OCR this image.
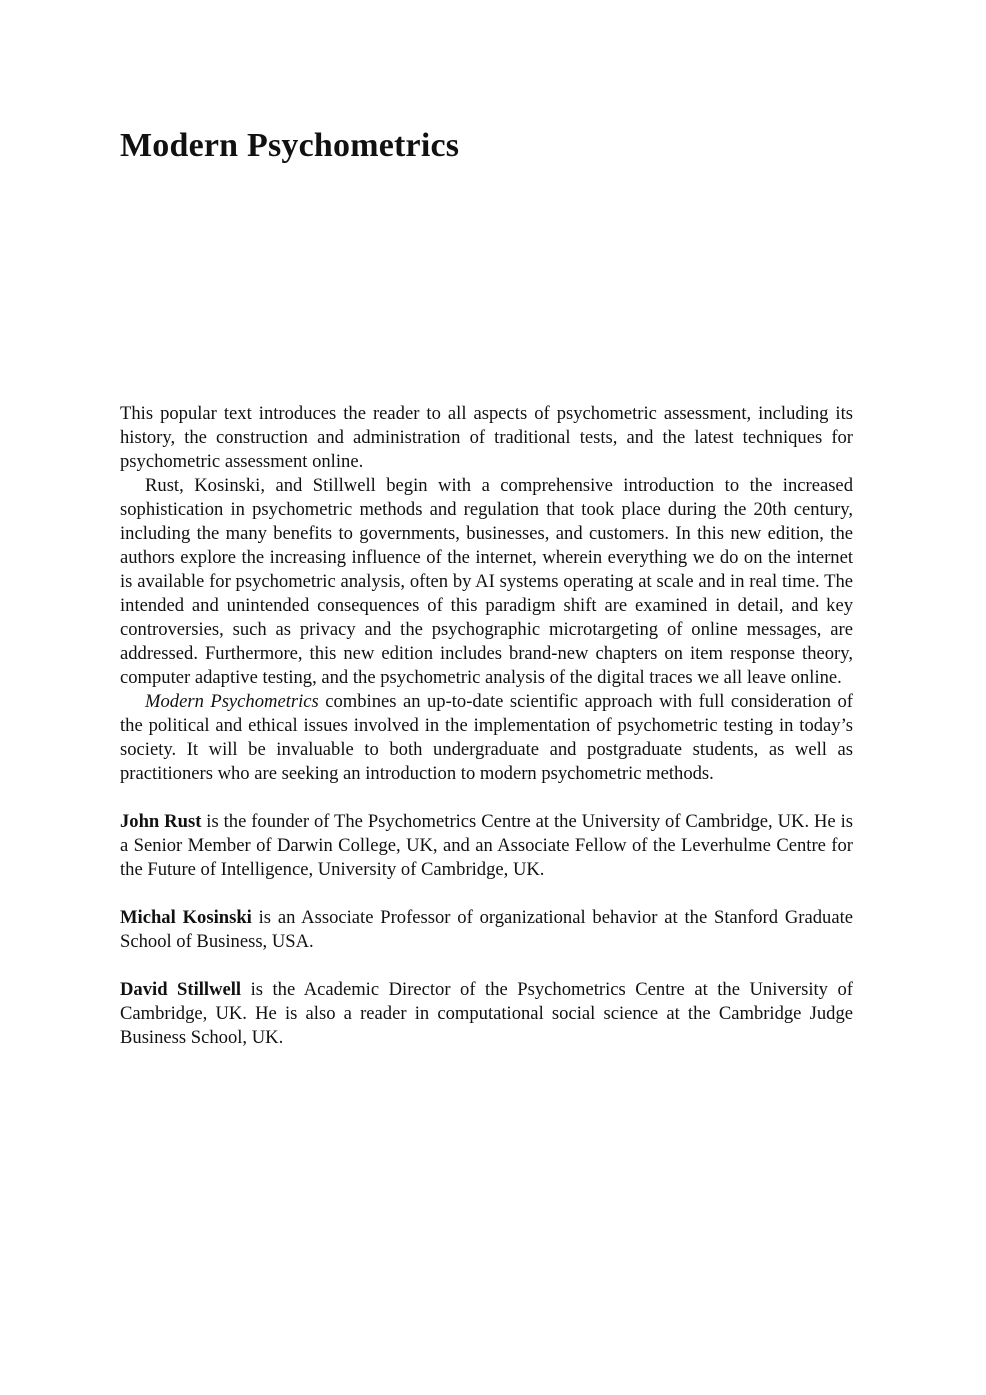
Modern Psychometrics

This popular text introduces the reader to all aspects of psychometric assessment, including its history, the construction and administration of traditional tests, and the latest techniques for psychometric assessment online.

Rust, Kosinski, and Stillwell begin with a comprehensive introduction to the increased sophistication in psychometric methods and regulation that took place during the 20th century, including the many benefits to governments, businesses, and customers. In this new edition, the authors explore the increasing influence of the internet, wherein everything we do on the internet is available for psychometric analysis, often by AI systems operating at scale and in real time. The intended and unintended consequences of this paradigm shift are examined in detail, and key controversies, such as privacy and the psychographic microtargeting of online messages, are addressed. Furthermore, this new edition includes brand-new chapters on item response theory, computer adaptive testing, and the psychometric analysis of the digital traces we all leave online.

Modern Psychometrics combines an up-to-date scientific approach with full consideration of the political and ethical issues involved in the implementation of psychometric testing in today’s society. It will be invaluable to both undergraduate and postgraduate students, as well as practitioners who are seeking an introduction to modern psychometric methods.

John Rust is the founder of The Psychometrics Centre at the University of Cambridge, UK. He is a Senior Member of Darwin College, UK, and an Associate Fellow of the Leverhulme Centre for the Future of Intelligence, University of Cambridge, UK.

Michal Kosinski is an Associate Professor of organizational behavior at the Stanford Graduate School of Business, USA.

David Stillwell is the Academic Director of the Psychometrics Centre at the University of Cambridge, UK. He is also a reader in computational social science at the Cambridge Judge Business School, UK.
